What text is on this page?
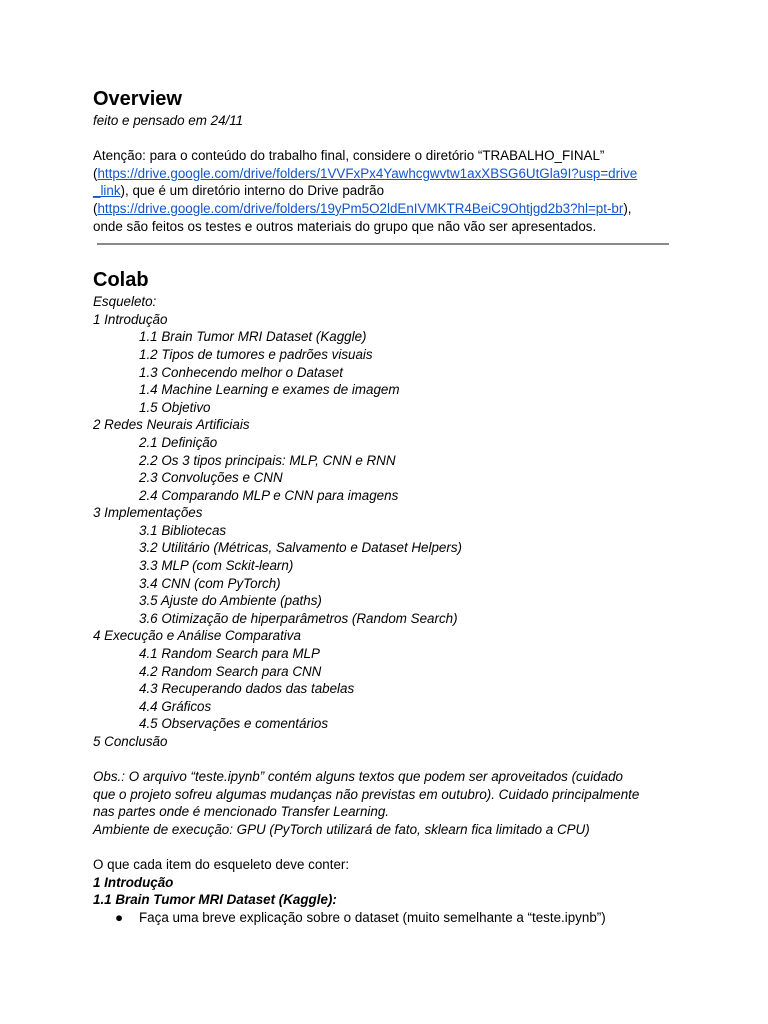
Overview
feito e pensado em 24/11
Atenção: para o conteúdo do trabalho final, considere o diretório “TRABALHO_FINAL”
(https://drive.google.com/drive/folders/1VVFxPx4Yawhcgwvtw1axXBSG6UtGla9I?usp=drive
_link), que é um diretório interno do Drive padrão
(https://drive.google.com/drive/folders/19yPm5O2ldEnIVMKTR4BeiC9Ohtjgd2b3?hl=pt-br),
onde são feitos os testes e outros materiais do grupo que não vão ser apresentados.
Colab
Esqueleto:
1 Introdução
1.1 Brain Tumor MRI Dataset (Kaggle)
1.2 Tipos de tumores e padrões visuais
1.3 Conhecendo melhor o Dataset
1.4 Machine Learning e exames de imagem
1.5 Objetivo
2 Redes Neurais Artificiais
2.1 Definição
2.2 Os 3 tipos principais: MLP, CNN e RNN
2.3 Convoluções e CNN
2.4 Comparando MLP e CNN para imagens
3 Implementações
3.1 Bibliotecas
3.2 Utilitário (Métricas, Salvamento e Dataset Helpers)
3.3 MLP (com Sckit-learn)
3.4 CNN (com PyTorch)
3.5 Ajuste do Ambiente (paths)
3.6 Otimização de hiperparâmetros (Random Search)
4 Execução e Análise Comparativa
4.1 Random Search para MLP
4.2 Random Search para CNN
4.3 Recuperando dados das tabelas
4.4 Gráficos
4.5 Observações e comentários
5 Conclusão
Obs.: O arquivo “teste.ipynb” contém alguns textos que podem ser aproveitados (cuidado
que o projeto sofreu algumas mudanças não previstas em outubro). Cuidado principalmente
nas partes onde é mencionado Transfer Learning.
Ambiente de execução: GPU (PyTorch utilizará de fato, sklearn fica limitado a CPU)
O que cada item do esqueleto deve conter:
1 Introdução
1.1 Brain Tumor MRI Dataset (Kaggle):
● Faça uma breve explicação sobre o dataset (muito semelhante a “teste.ipynb”)
